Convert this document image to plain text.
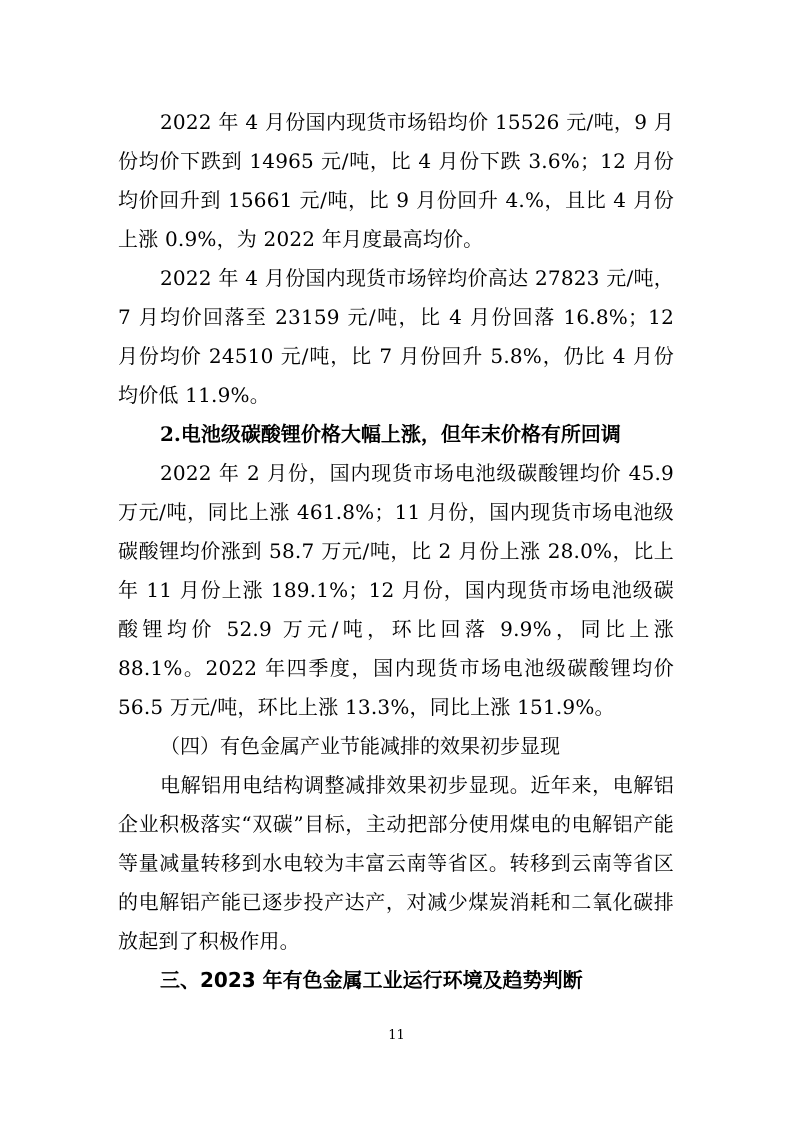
2022 年 4 月份国内现货市场铅均价 15526 元/吨，9 月份均价下跌到 14965 元/吨，比 4 月份下跌 3.6%；12 月份均价回升到 15661 元/吨，比 9 月份回升 4.%，且比 4 月份上涨 0.9%，为 2022 年月度最高均价。

2022 年 4 月份国内现货市场锌均价高达 27823 元/吨，7 月均价回落至 23159 元/吨，比 4 月份回落 16.8%；12 月份均价 24510 元/吨，比 7 月份回升 5.8%，仍比 4 月份均价低 11.9%。

2.电池级碳酸锂价格大幅上涨，但年末价格有所回调

2022 年 2 月份，国内现货市场电池级碳酸锂均价 45.9 万元/吨，同比上涨 461.8%；11 月份，国内现货市场电池级碳酸锂均价涨到 58.7 万元/吨，比 2 月份上涨 28.0%，比上年 11 月份上涨 189.1%；12 月份，国内现货市场电池级碳酸锂均价 52.9 万元/吨，环比回落 9.9%，同比上涨 88.1%。2022 年四季度，国内现货市场电池级碳酸锂均价 56.5 万元/吨，环比上涨 13.3%，同比上涨 151.9%。

（四）有色金属产业节能减排的效果初步显现

电解铝用电结构调整减排效果初步显现。近年来，电解铝企业积极落实“双碳”目标，主动把部分使用煤电的电解铝产能等量减量转移到水电较为丰富云南等省区。转移到云南等省区的电解铝产能已逐步投产达产，对减少煤炭消耗和二氧化碳排放起到了积极作用。

三、2023 年有色金属工业运行环境及趋势判断

11
